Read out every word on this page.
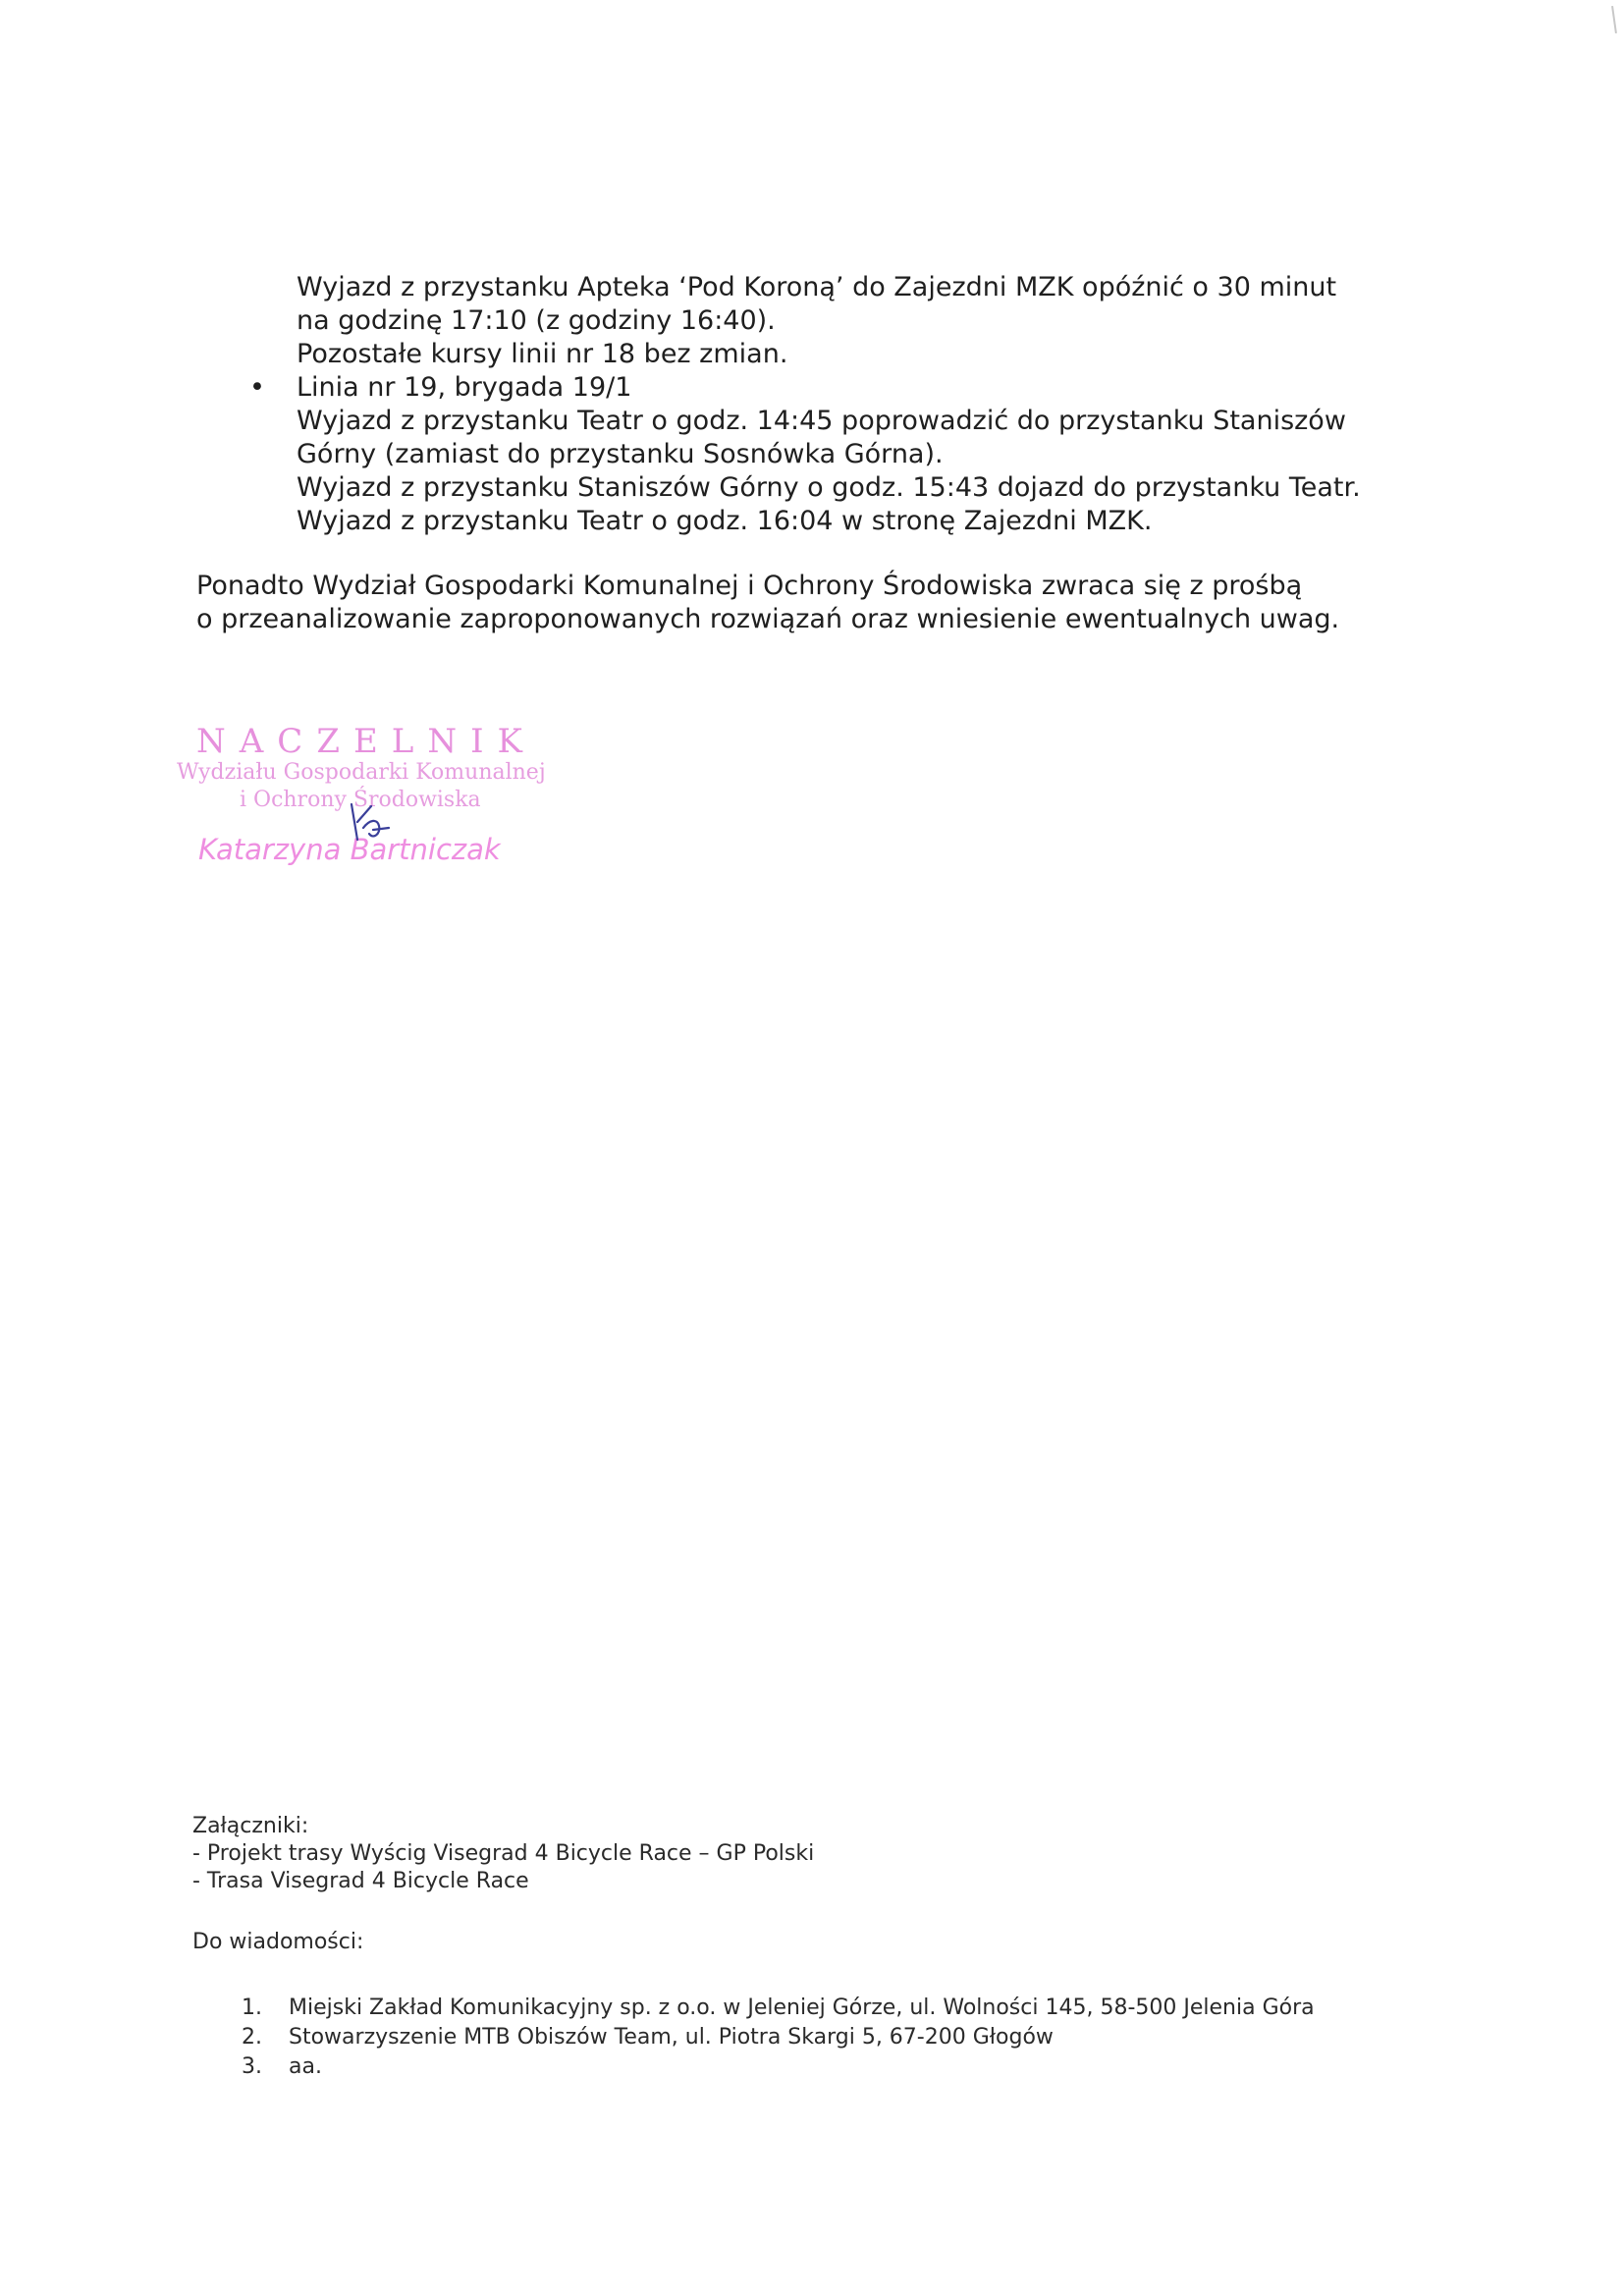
Wyjazd z przystanku Apteka ‘Pod Koroną’ do Zajezdni MZK opóźnić o 30 minut
na godzinę 17:10 (z godziny 16:40).
Pozostałe kursy linii nr 18 bez zmian.
• Linia nr 19, brygada 19/1
Wyjazd z przystanku Teatr o godz. 14:45 poprowadzić do przystanku Staniszów
Górny (zamiast do przystanku Sosnówka Górna).
Wyjazd z przystanku Staniszów Górny o godz. 15:43 dojazd do przystanku Teatr.
Wyjazd z przystanku Teatr o godz. 16:04 w stronę Zajezdni MZK.
Ponadto Wydział Gospodarki Komunalnej i Ochrony Środowiska zwraca się z prośbą
o przeanalizowanie zaproponowanych rozwiązań oraz wniesienie ewentualnych uwag.
NACZELNIK
Wydziału Gospodarki Komunalnej
i Ochrony Środowiska
Katarzyna Bartniczak
Załączniki:
- Projekt trasy Wyścig Visegrad 4 Bicycle Race – GP Polski
- Trasa Visegrad 4 Bicycle Race
Do wiadomości:
1. Miejski Zakład Komunikacyjny sp. z o.o. w Jeleniej Górze, ul. Wolności 145, 58-500 Jelenia Góra
2. Stowarzyszenie MTB Obiszów Team, ul. Piotra Skargi 5, 67-200 Głogów
3. aa.
